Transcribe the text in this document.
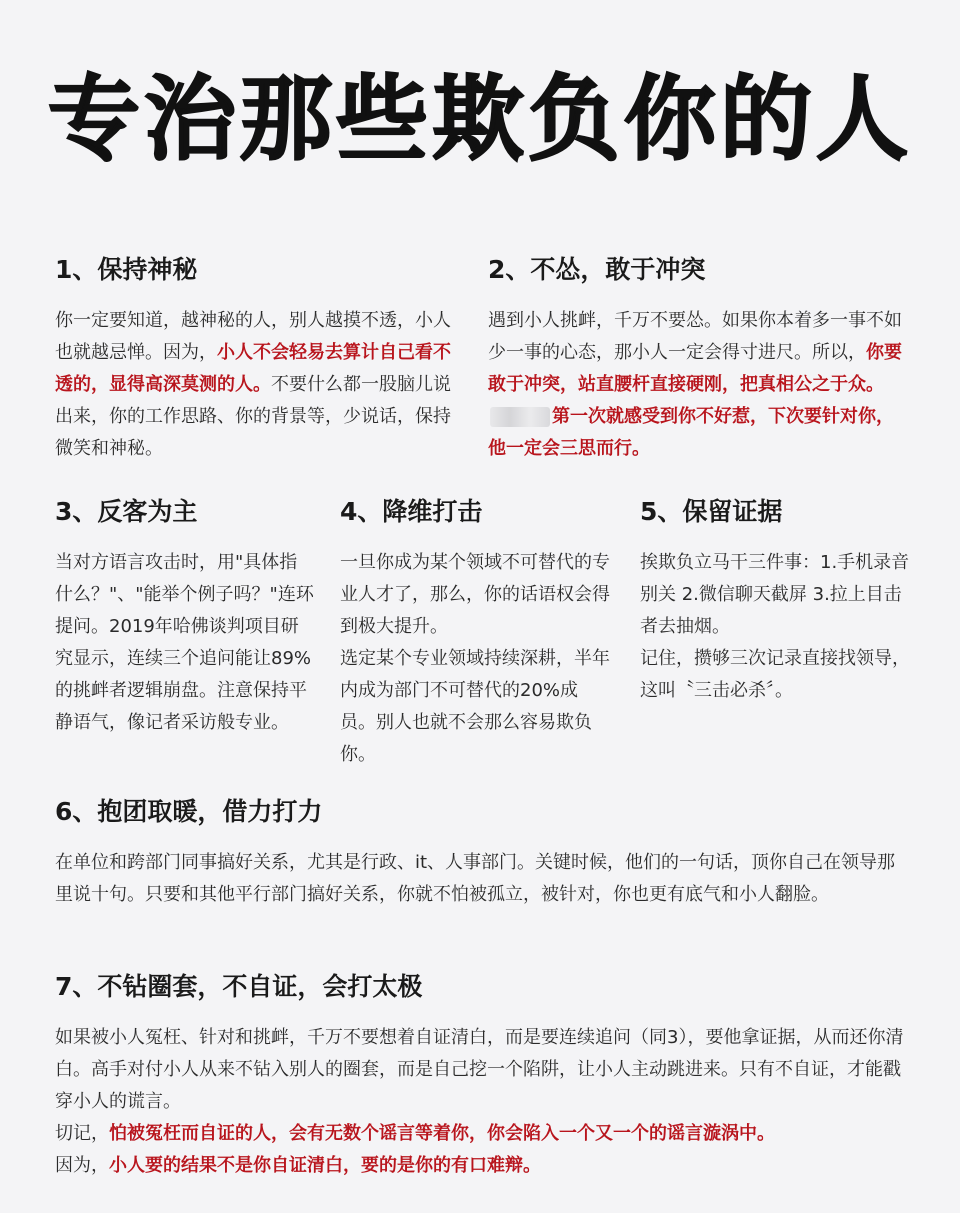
专治那些欺负你的人
1、保持神秘
你一定要知道，越神秘的人，别人越摸不透，小人也就越忌惮。因为，小人不会轻易去算计自己看不透的，显得高深莫测的人。不要什么都一股脑儿说出来，你的工作思路、你的背景等，少说话，保持微笑和神秘。
2、不怂，敢于冲突
遇到小人挑衅，千万不要怂。如果你本着多一事不如少一事的心态，那小人一定会得寸进尺。所以，你要敢于冲突，站直腰杆直接硬刚，把真相公之于众。第一次就感受到你不好惹，下次要针对你，他一定会三思而行。
3、反客为主
当对方语言攻击时，用"具体指什么？"、"能举个例子吗？"连环提问。2019年哈佛谈判项目研究显示，连续三个追问能让89%的挑衅者逻辑崩盘。注意保持平静语气，像记者采访般专业。
4、降维打击

一旦你成为某个领域不可替代的专业人才了，那么，你的话语权会得到极大提升。

选定某个专业领域持续深耕，半年内成为部门不可替代的20%成员。别人也就不会那么容易欺负你。

5、保留证据

挨欺负立马干三件事：1.手机录音别关 2.微信聊天截屏 3.拉上目击者去抽烟。

记住，攒够三次记录直接找领导，这叫〝三击必杀〞。

6、抱团取暖，借力打力
在单位和跨部门同事搞好关系，尤其是行政、it、人事部门。关键时候，他们的一句话，顶你自己在领导那里说十句。只要和其他平行部门搞好关系，你就不怕被孤立，被针对，你也更有底气和小人翻脸。
7、不钻圈套，不自证，会打太极

如果被小人冤枉、针对和挑衅，千万不要想着自证清白，而是要连续追问（同3），要他拿证据，从而还你清白。高手对付小人从来不钻入别人的圈套，而是自己挖一个陷阱，让小人主动跳进来。只有不自证，才能戳穿小人的谎言。

切记，怕被冤枉而自证的人，会有无数个谣言等着你，你会陷入一个又一个的谣言漩涡中。

因为，小人要的结果不是你自证清白，要的是你的有口难辩。
